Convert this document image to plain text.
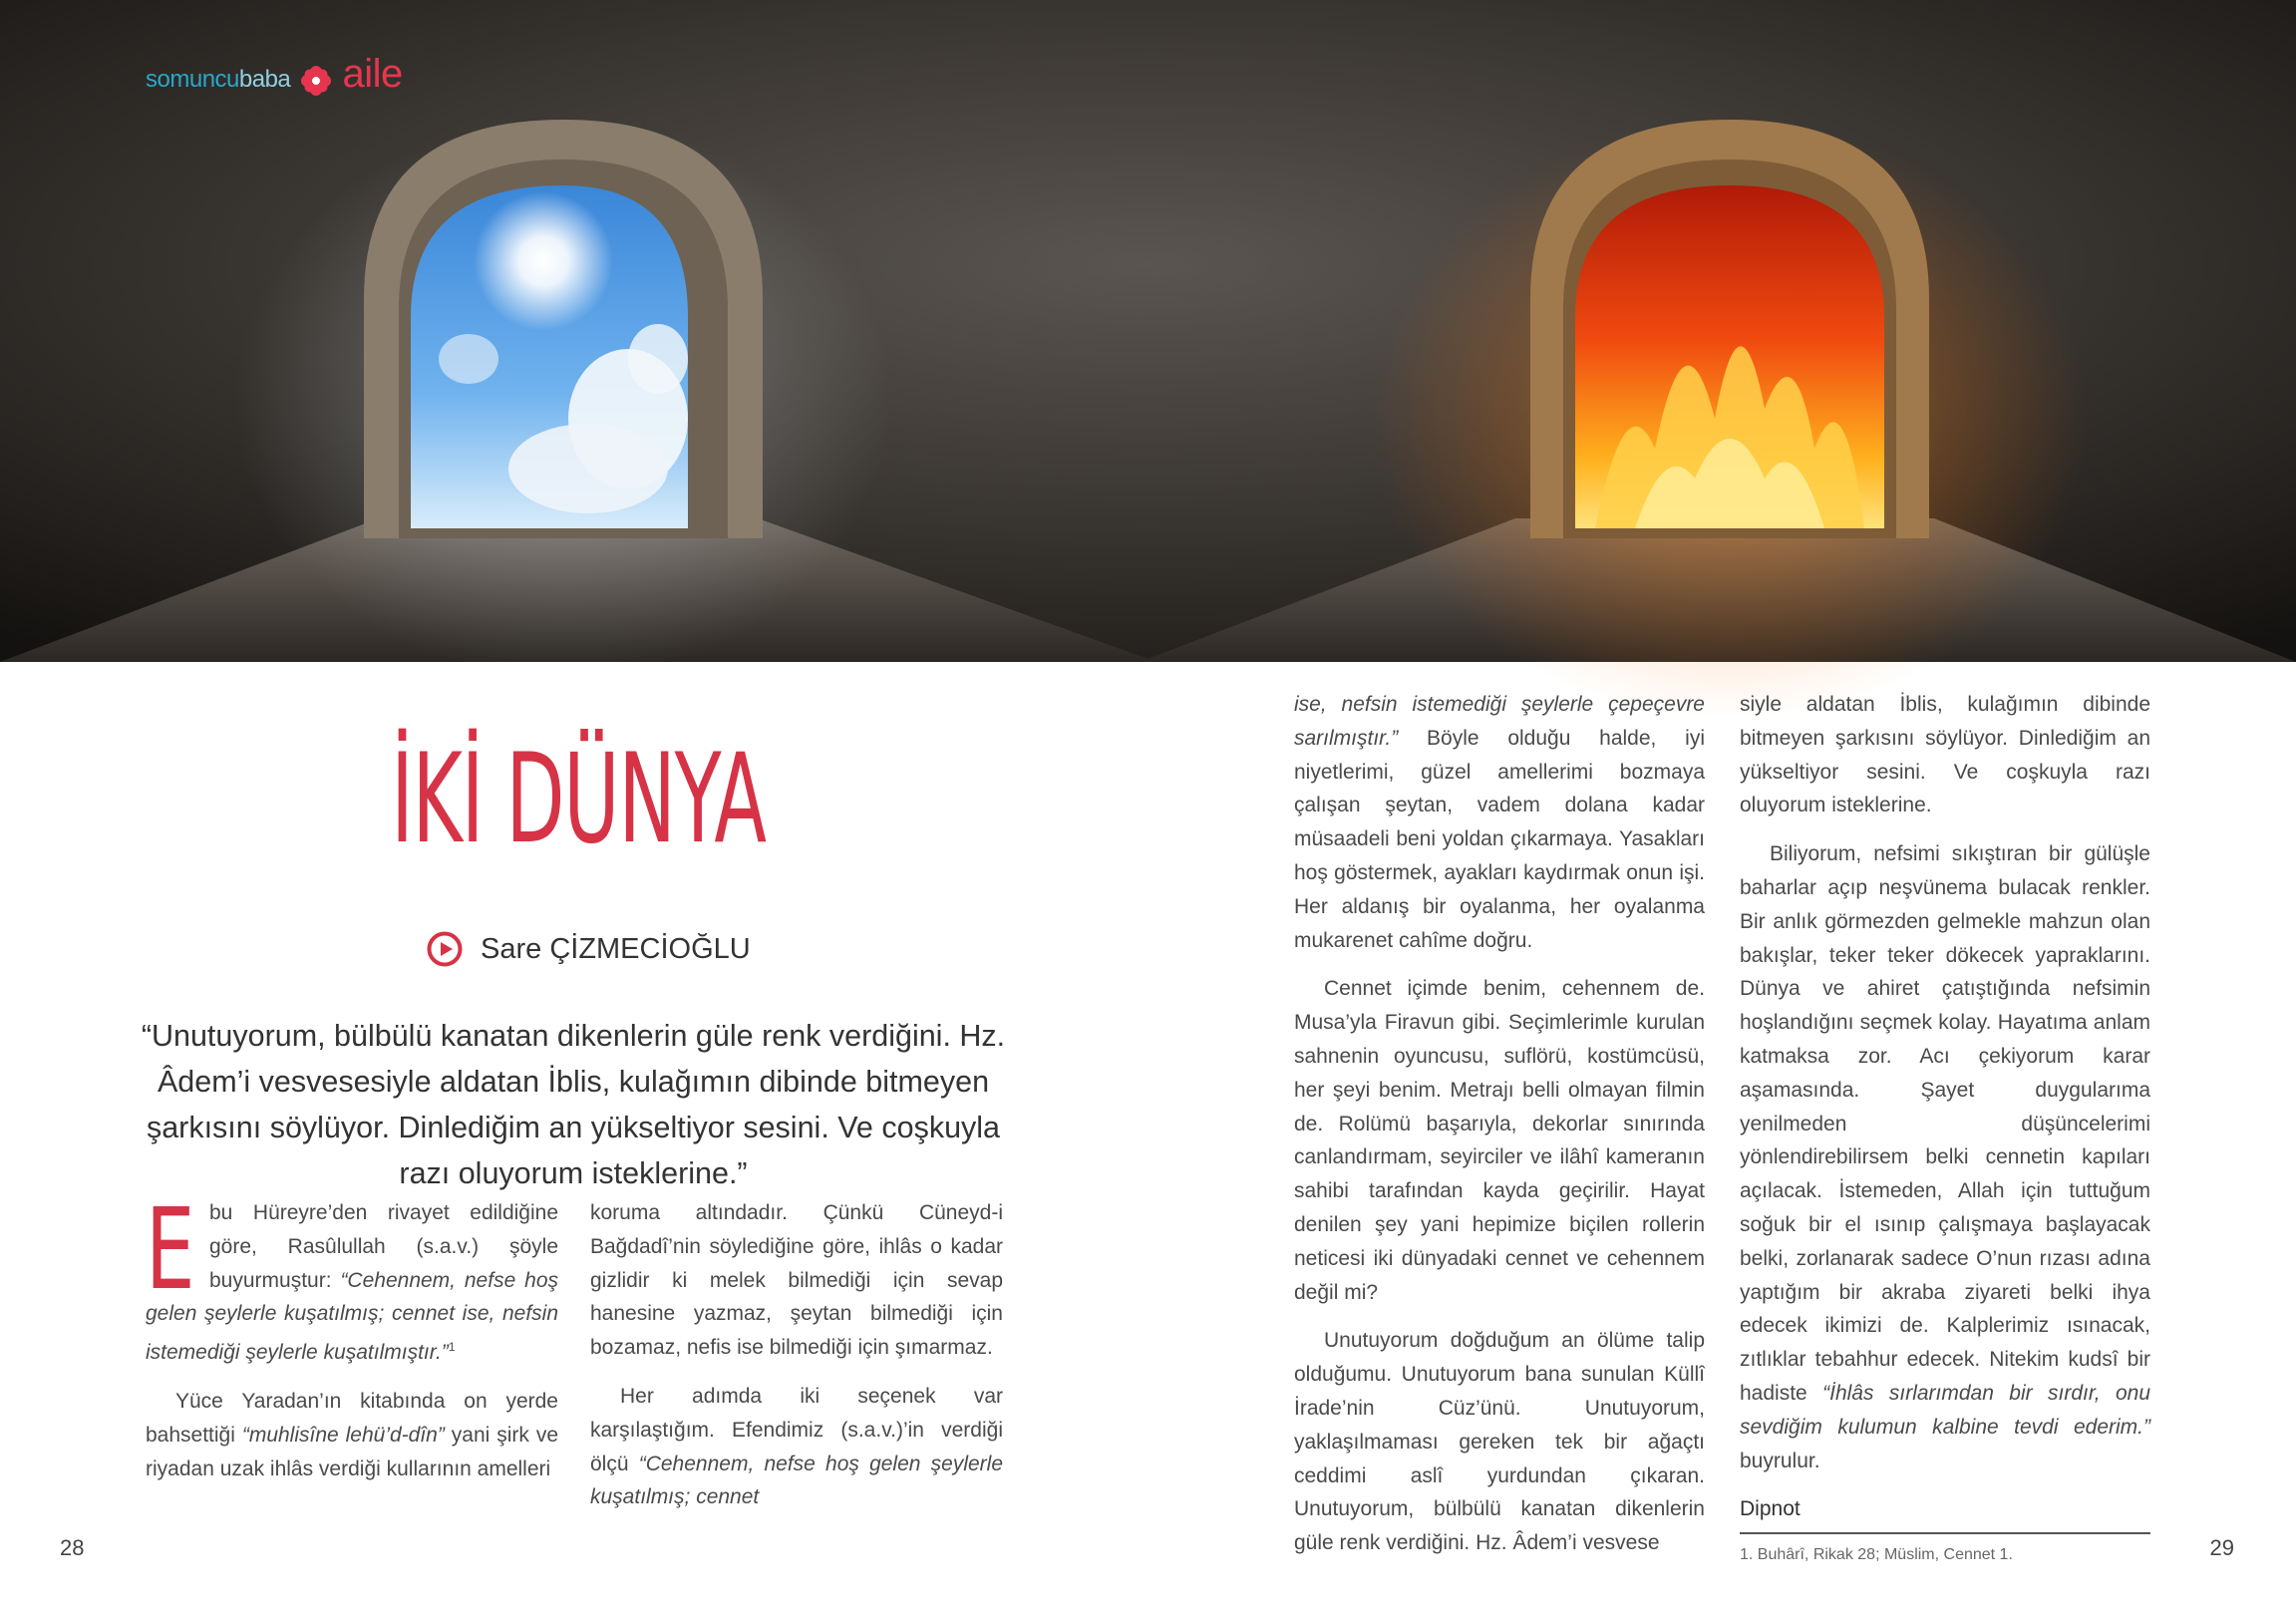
somuncubaba aile
İKİ DÜNYA
Sare ÇİZMECİOĞLU
“Unutuyorum, bülbülü kanatan dikenlerin güle renk verdiğini. Hz. Âdem’i vesvesesiyle aldatan İblis, kulağımın dibinde bitmeyen şarkısını söylüyor. Dinlediğim an yükseltiyor sesini. Ve coşkuyla razı oluyorum isteklerine.”

Ebu Hüreyre’den rivayet edildiğine göre, Rasûlullah (s.a.v.) şöyle buyurmuştur: “Cehennem, nefse hoş gelen şeylerle kuşatılmış; cennet ise, nefsin istemediği şeylerle kuşatılmıştır.”$^1$

Yüce Yaradan’ın kitabında on yerde bahsettiği “muhlisîne lehü’d-dîn” yani şirk ve riyadan uzak ihlâs verdiği kullarının amelleri

koruma altındadır. Çünkü Cüneyd-i Bağdadî’nin söylediğine göre, ihlâs o kadar gizlidir ki melek bilmediği için sevap hanesine yazmaz, şeytan bilmediği için bozamaz, nefis ise bilmediği için şımarmaz.

Her adımda iki seçenek var karşılaştığım. Efendimiz (s.a.v.)’in verdiği ölçü “Cehennem, nefse hoş gelen şeylerle kuşatılmış; cennet

ise, nefsin istemediği şeylerle çepeçevre sarılmıştır.” Böyle olduğu halde, iyi niyetlerimi, güzel amellerimi bozmaya çalışan şeytan, vadem dolana kadar müsaadeli beni yoldan çıkarmaya. Yasakları hoş göstermek, ayakları kaydırmak onun işi. Her aldanış bir oyalanma, her oyalanma mukarenet cahîme doğru.

Cennet içimde benim, cehennem de. Musa’yla Firavun gibi. Seçimlerimle kurulan sahnenin oyuncusu, suflörü, kostümcüsü, her şeyi benim. Metrajı belli olmayan filmin de. Rolümü başarıyla, dekorlar sınırında canlandırmam, seyirciler ve ilâhî kameranın sahibi tarafından kayda geçirilir. Hayat denilen şey yani hepimize biçilen rollerin neticesi iki dünyadaki cennet ve cehennem değil mi?

Unutuyorum doğduğum an ölüme talip olduğumu. Unutuyorum bana sunulan Küllî İrade’nin Cüz’ünü. Unutuyorum, yaklaşılmaması gereken tek bir ağaçtı ceddimi aslî yurdundan çıkaran. Unutuyorum, bülbülü kanatan dikenlerin güle renk verdiğini. Hz. Âdem’i vesvese

siyle aldatan İblis, kulağımın dibinde bitmeyen şarkısını söylüyor. Dinlediğim an yükseltiyor sesini. Ve coşkuyla razı oluyorum isteklerine.

Biliyorum, nefsimi sıkıştıran bir gülüşle baharlar açıp neşvünema bulacak renkler. Bir anlık görmezden gelmekle mahzun olan bakışlar, teker teker dökecek yapraklarını. Dünya ve ahiret çatıştığında nefsimin hoşlandığını seçmek kolay. Hayatıma anlam katmaksa zor. Acı çekiyorum karar aşamasında. Şayet duygularıma yenilmeden düşüncelerimi yönlendirebilirsem belki cennetin kapıları açılacak. İstemeden, Allah için tuttuğum soğuk bir el ısınıp çalışmaya başlayacak belki, zorlanarak sadece O’nun rızası adına yaptığım bir akraba ziyareti belki ihya edecek ikimizi de. Kalplerimiz ısınacak, zıtlıklar tebahhur edecek. Nitekim kudsî bir hadiste “İhlâs sırlarımdan bir sırdır, onu sevdiğim kulumun kalbine tevdi ederim.” buyrulur.

Dipnot
1. Buhârî, Rikak 28; Müslim, Cennet 1.
28	29
